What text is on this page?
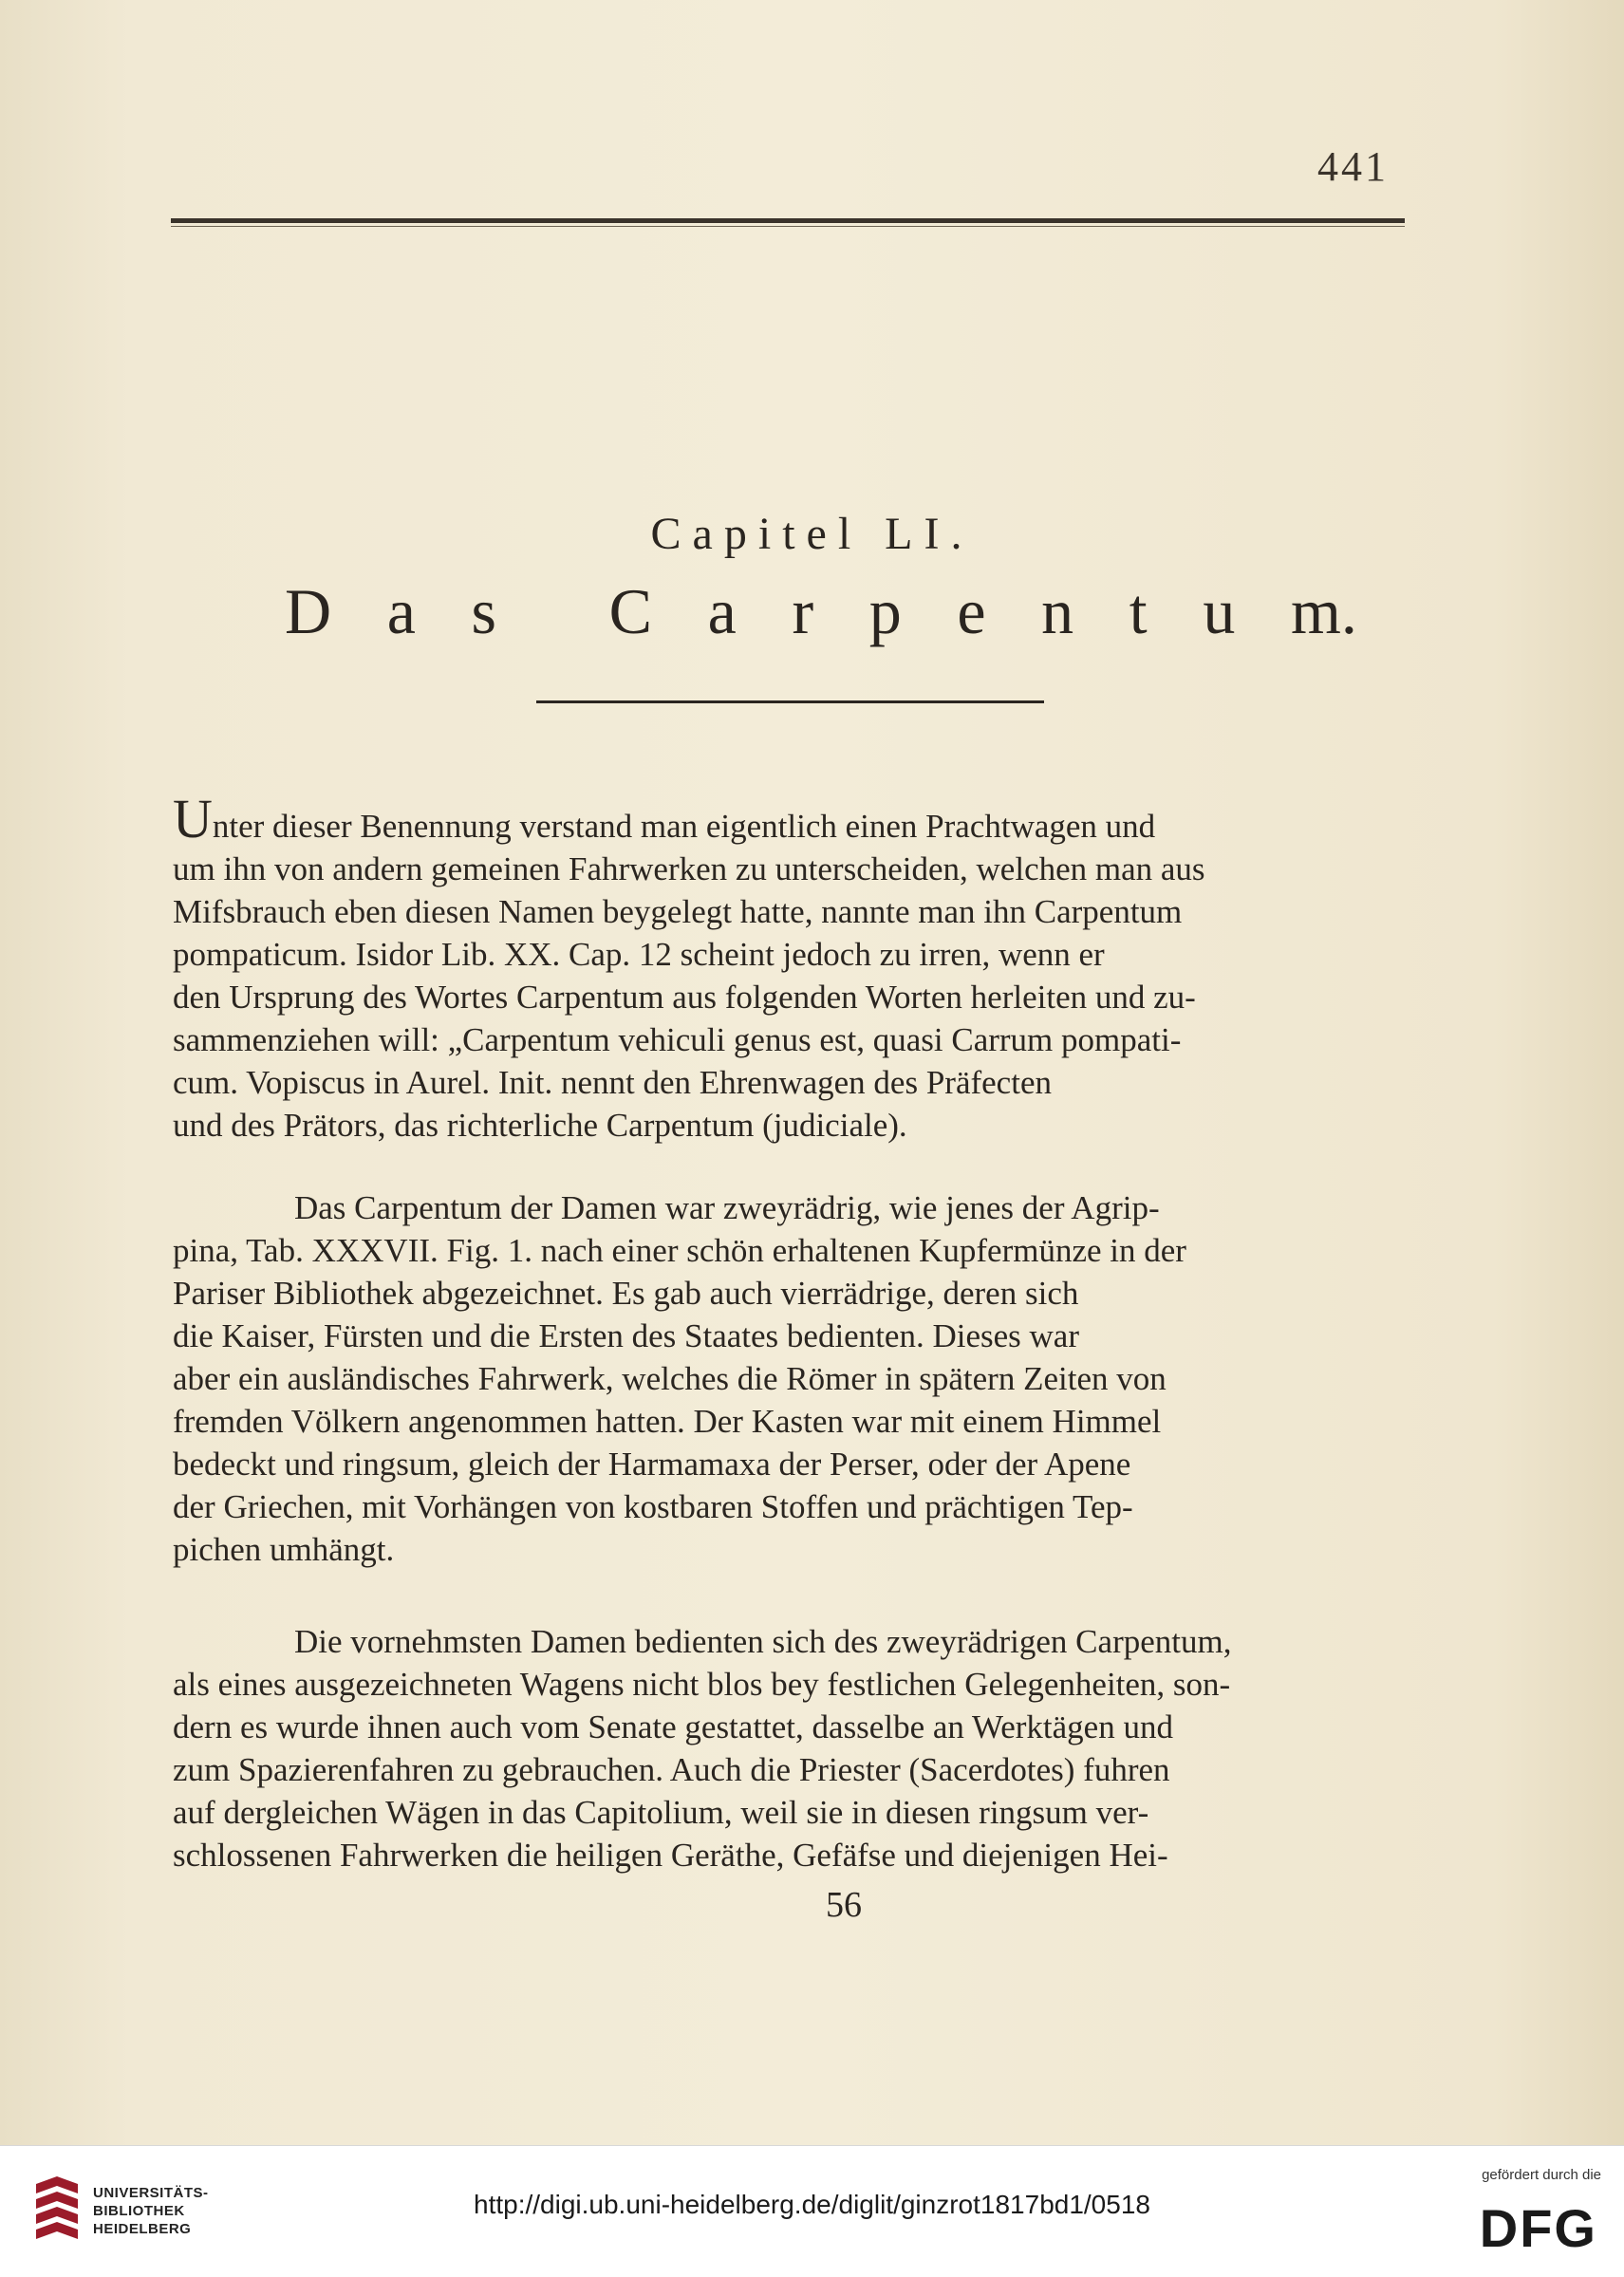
441
Capitel LI.
D a s C a r p e n t u m.
Unter dieser Benennung verstand man eigentlich einen Prachtwagen und
um ihn von andern gemeinen Fahrwerken zu unterscheiden, welchen man aus
Mifsbrauch eben diesen Namen beygelegt hatte, nannte man ihn Carpentum
pompaticum. Isidor Lib. XX. Cap. 12 scheint jedoch zu irren, wenn er
den Ursprung des Wortes Carpentum aus folgenden Worten herleiten und zu-
sammenziehen will: „Carpentum vehiculi genus est, quasi Carrum pompati-
cum. Vopiscus in Aurel. Init. nennt den Ehrenwagen des Präfecten
und des Prätors, das richterliche Carpentum (judiciale).
Das Carpentum der Damen war zweyrädrig, wie jenes der Agrip-
pina, Tab. XXXVII. Fig. 1. nach einer schön erhaltenen Kupfermünze in der
Pariser Bibliothek abgezeichnet. Es gab auch vierrädrige, deren sich
die Kaiser, Fürsten und die Ersten des Staates bedienten. Dieses war
aber ein ausländisches Fahrwerk, welches die Römer in spätern Zeiten von
fremden Völkern angenommen hatten. Der Kasten war mit einem Himmel
bedeckt und ringsum, gleich der Harmamaxa der Perser, oder der Apene
der Griechen, mit Vorhängen von kostbaren Stoffen und prächtigen Tep-
pichen umhängt.
Die vornehmsten Damen bedienten sich des zweyrädrigen Carpentum,
als eines ausgezeichneten Wagens nicht blos bey festlichen Gelegenheiten, son-
dern es wurde ihnen auch vom Senate gestattet, dasselbe an Werktägen und
zum Spazierenfahren zu gebrauchen. Auch die Priester (Sacerdotes) fuhren
auf dergleichen Wägen in das Capitolium, weil sie in diesen ringsum ver-
schlossenen Fahrwerken die heiligen Geräthe, Gefäfse und diejenigen Hei-
56
UNIVERSITÄTS-
BIBLIOTHEK
HEIDELBERG
http://digi.ub.uni-heidelberg.de/diglit/ginzrot1817bd1/0518
gefördert durch die
DFG
